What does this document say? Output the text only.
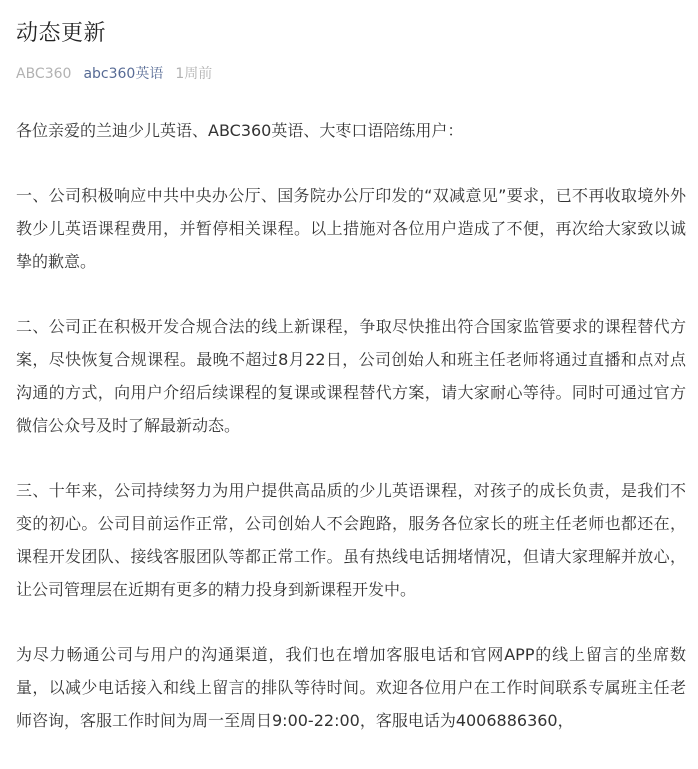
动态更新
ABC360 abc360英语 1周前

各位亲爱的兰迪少儿英语、ABC360英语、大枣口语陪练用户：

一、公司积极响应中共中央办公厅、国务院办公厅印发的“双减意见”要求，已不再收取境外外教少儿英语课程费用，并暂停相关课程。以上措施对各位用户造成了不便，再次给大家致以诚挚的歉意。

二、公司正在积极开发合规合法的线上新课程，争取尽快推出符合国家监管要求的课程替代方案，尽快恢复合规课程。最晚不超过8月22日，公司创始人和班主任老师将通过直播和点对点沟通的方式，向用户介绍后续课程的复课或课程替代方案，请大家耐心等待。同时可通过官方微信公众号及时了解最新动态。

三、十年来，公司持续努力为用户提供高品质的少儿英语课程，对孩子的成长负责，是我们不变的初心。公司目前运作正常，公司创始人不会跑路，服务各位家长的班主任老师也都还在，课程开发团队、接线客服团队等都正常工作。虽有热线电话拥堵情况，但请大家理解并放心，让公司管理层在近期有更多的精力投身到新课程开发中。

为尽力畅通公司与用户的沟通渠道，我们也在增加客服电话和官网APP的线上留言的坐席数量，以减少电话接入和线上留言的排队等待时间。欢迎各位用户在工作时间联系专属班主任老师咨询，客服工作时间为周一至周日9:00-22:00，客服电话为4006886360，
